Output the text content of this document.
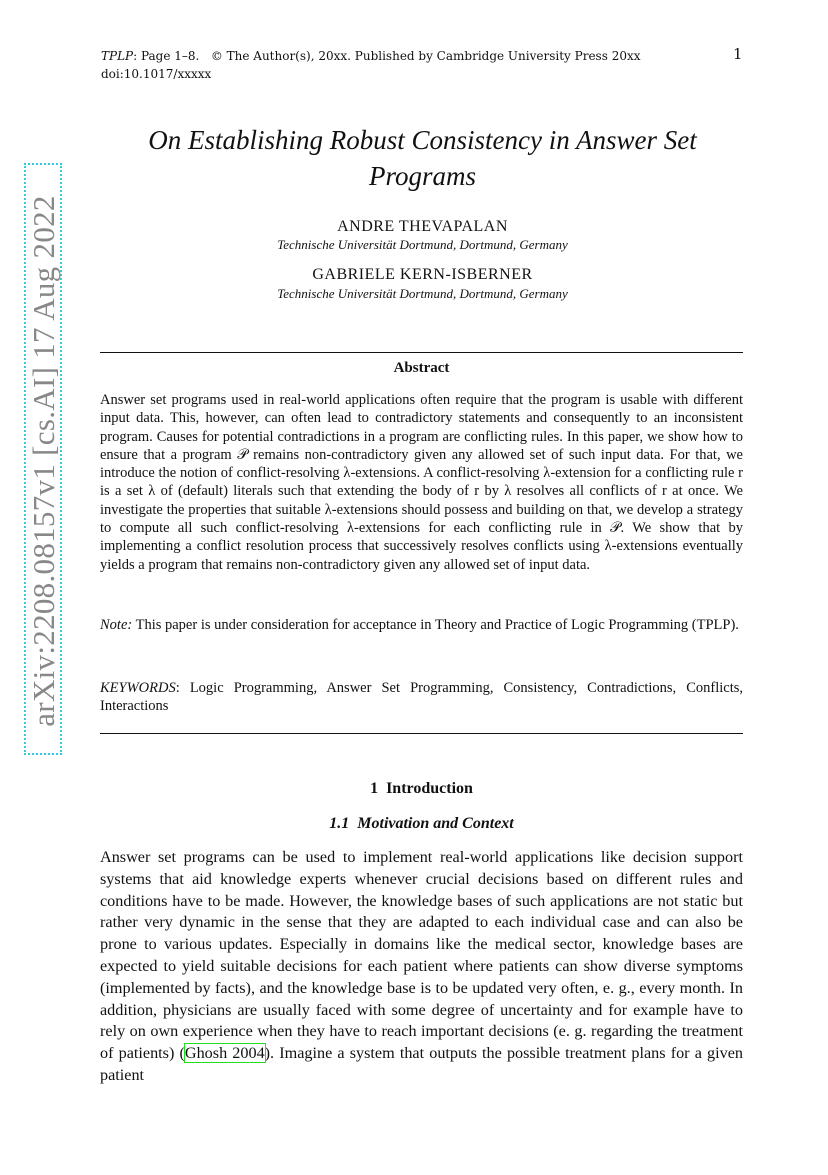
TPLP: Page 1–8. © The Author(s), 20xx. Published by Cambridge University Press 20xx	1
doi:10.1017/xxxxx
arXiv:2208.08157v1 [cs.AI] 17 Aug 2022
On Establishing Robust Consistency in Answer Set Programs
ANDRE THEVAPALAN
Technische Universität Dortmund, Dortmund, Germany
GABRIELE KERN-ISBERNER
Technische Universität Dortmund, Dortmund, Germany
Abstract
Answer set programs used in real-world applications often require that the program is usable with different input data. This, however, can often lead to contradictory statements and consequently to an inconsistent program. Causes for potential contradictions in a program are conflicting rules. In this paper, we show how to ensure that a program 𝒫 remains non-contradictory given any allowed set of such input data. For that, we introduce the notion of conflict-resolving λ-extensions. A conflict-resolving λ-extension for a conflicting rule r is a set λ of (default) literals such that extending the body of r by λ resolves all conflicts of r at once. We investigate the properties that suitable λ-extensions should possess and building on that, we develop a strategy to compute all such conflict-resolving λ-extensions for each conflicting rule in 𝒫. We show that by implementing a conflict resolution process that successively resolves conflicts using λ-extensions eventually yields a program that remains non-contradictory given any allowed set of input data.
Note: This paper is under consideration for acceptance in Theory and Practice of Logic Programming (TPLP).
KEYWORDS: Logic Programming, Answer Set Programming, Consistency, Contradictions, Conflicts, Interactions
1 Introduction
1.1 Motivation and Context
Answer set programs can be used to implement real-world applications like decision support systems that aid knowledge experts whenever crucial decisions based on different rules and conditions have to be made. However, the knowledge bases of such applications are not static but rather very dynamic in the sense that they are adapted to each individual case and can also be prone to various updates. Especially in domains like the medical sector, knowledge bases are expected to yield suitable decisions for each patient where patients can show diverse symptoms (implemented by facts), and the knowledge base is to be updated very often, e. g., every month. In addition, physicians are usually faced with some degree of uncertainty and for example have to rely on own experience when they have to reach important decisions (e. g. regarding the treatment of patients) (Ghosh 2004). Imagine a system that outputs the possible treatment plans for a given patient
